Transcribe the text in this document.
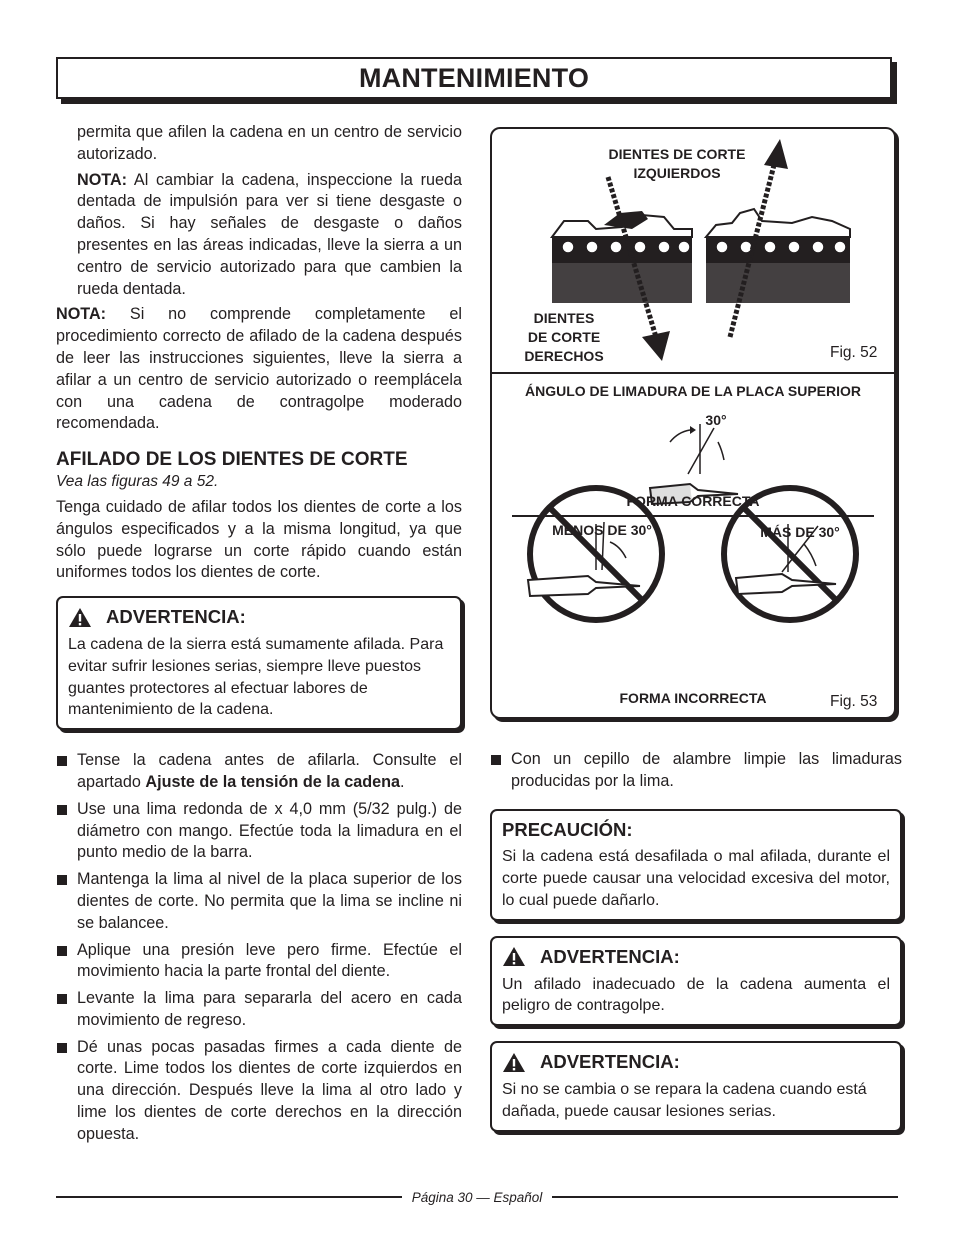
MANTENIMIENTO

permita que afilen la cadena en un centro de servicio autorizado.

NOTA: Al cambiar la cadena, inspeccione la rueda dentada de impulsión para ver si tiene desgaste o daños. Si hay señales de desgaste o daños presentes en las áreas indicadas, lleve la sierra a un centro de servicio autorizado para que cambien la rueda dentada.

NOTA: Si no comprende completamente el procedimiento correcto de afilado de la cadena después de leer las instrucciones siguientes, lleve la sierra a afilar a un centro de servicio autorizado o reemplácela con una cadena de contragolpe moderado recomendada.

AFILADO DE LOS DIENTES DE CORTE
Vea las figuras 49 a 52.

Tenga cuidado de afilar todos los dientes de corte a los ángulos especificados y a la misma longitud, ya que sólo puede lograrse un corte rápido cuando están uniformes todos los dientes de corte.

ADVERTENCIA:

La cadena de la sierra está sumamente afilada. Para evitar sufrir lesiones serias, siempre lleve puestos guantes protectores al efectuar labores de mantenimiento de la cadena.

Tense la cadena antes de afilarla. Consulte el apartado Ajuste de la tensión de la cadena.
Use una lima redonda de x 4,0 mm (5/32 pulg.) de diámetro con mango. Efectúe toda la limadura en el punto medio de la barra.
Mantenga la lima al nivel de la placa superior de los dientes de corte. No permita que la lima se incline ni se balancee.
Aplique una presión leve pero firme. Efectúe el movimiento hacia la parte frontal del diente.
Levante la lima para separarla del acero en cada movimiento de regreso.
Dé unas pocas pasadas firmes a cada diente de corte. Lime todos los dientes de corte izquierdos en una dirección. Después lleve la lima al otro lado y lime los dientes de corte derechos en la dirección opuesta.
DIENTES DE CORTE IZQUIERDOS
DIENTES
DE CORTE
DERECHOS	Fig. 52
ÁNGULO DE LIMADURA DE LA PLACA SUPERIOR
30°
FORMA CORRECTA
MENOS DE 30°	MÁS DE 30°
FORMA INCORRECTA	Fig. 53
Con un cepillo de alambre limpie las limaduras producidas por la lima.
PRECAUCIÓN:

Si la cadena está desafilada o mal afilada, durante el corte puede causar una velocidad excesiva del motor, lo cual puede dañarlo.

ADVERTENCIA:

Un afilado inadecuado de la cadena aumenta el peligro de contragolpe.

ADVERTENCIA:

Si no se cambia o se repara la cadena cuando está dañada, puede causar lesiones serias.

Página 30 — Español
